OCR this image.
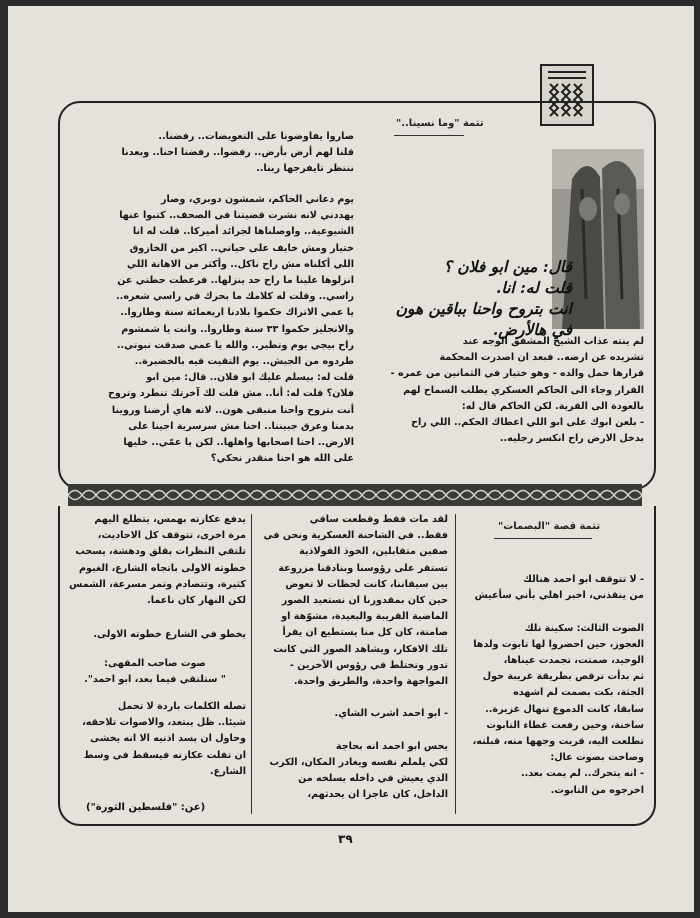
تتمة "وما نسينا.."
قال: مين ابو فلان ؟
قلت له: انا.
انت بتروح واحنا بباقين هون
في هالأرض.
لم ينته عذاب الشيخ المشفق الوجه عند
تشريده عن ارضه.. فبعد ان اصدرت المحكمة
قرارها حمل والده - وهو ختيار في الثمانين من عمره -
القرار وجاء الى الحاكم العسكري يطلب السماح لهم
بالعودة الى القرية. لكن الحاكم قال له:
- بلعن ابوك على ابو اللي اعطاك الحكم.. اللي راح
بدخل الارض راح انكسر رجليه..
صاروا يفاوضونا على التعويضات.. رفضنا..
قلنا لهم أرض بأرض.. رفضوا.. رفضنا احنا.. وبعدنا
ننتظر تايفرجها ربنا..
يوم دعاني الحاكم، شمشون دوبري، وصار
يهددني لانه نشرت قضيتنا في الصحف.. كتبوا عنها
الشيوعية.. واوصلناها لجرائد أميركا.. قلت له انا
ختيار ومش خايف على حياتي.. اكبر من الخازوق
اللي أكلناه مش راح ناكل.. وأكثر من الاهانة اللي
انزلوها علينا ما راح حد ينزلها.. فرعطت حطتي عن
راسي.. وقلت له كلامك ما بحرك في راسي شعره..
يا عمي الاتراك حكموا بلادنا اربعمائة سنة وطاروا..
والانجليز حكموا ٣٣ سنة وطاروا.. وانت يا شمشوم
راح بيجي يوم وتطير.. والله يا عمي صدقت نبوتي..
طردوه من الجيش.. يوم التقيت فيه بالخضيرة..
قلت له: بيسلم عليك ابو فلان.. قال: مين ابو
فلان؟ قلت له: أنا.. مش قلت لك آخرتك تنطرد وتروح
أنت بتروح واحنا منبقى هون.. لانه هاي أرضنا وروينا
بدمنا وعرق جبيننا.. احنا مش سرسرية اجينا على
الارض.. احنا اصحابها واهلها.. لكن يا عمّي.. خليها
على الله هو احنا منقدر نحكي؟
تتمة قصة "البصمات"
- لا تتوقف ابو احمد هنالك
من ينقذني، اخبر اهلي بأني سأعيش

الصوت الثالث: سكينة تلك
العجوز، حين احضروا لها تابوت ولدها
الوحيد، صمتت، تجمدت عيناها،
ثم بدأت ترقص بطريقة غريبة حول
الجثة، بكت بصمت لم اشهده
سابقا، كانت الدموع تنهال غزيرة..
ساخنة، وحين رفعت غطاء التابوت
تطلعت اليه، قربت وجهها منه، قبلته،
وصاحت بصوت عال:
- انه يتحرك.. لم يمت بعد..
اخرجوه من التابوت.
لقد مات فقط وقطعت ساقي
فقط.. في الشاحنة العسكرية ونحن في
صفين متقابلين، الخوذ الفولاذية
تستقر على رؤوسنا وبنادقنا مزروعة
بين سيقاننا، كانت لحظات لا تعوض
حين كان بمقدورنا ان نستعيد الصور
الماضية القريبة والبعيدة، مشوّهة او
صامتة، كان كل منا يستطيع ان يقرأ
تلك الافكار، ويشاهد الصور التي كانت
تدور وتختلط في رؤوس الآخرين -
المواجهة واحدة، والطريق واحدة.

- ابو احمد اشرب الشاي.

يحس ابو احمد انه بحاجة
لكي يلملم نفسه ويغادر المكان، الكرب
الذي يعيش في داخله يسلخه من
الداخل، كان عاجزا ان يحدثهم،
يدفع عكازته بهمس، يتطلع اليهم
مرة اخرى، تتوقف كل الاحاديث،
تلتقي النظرات بقلق ودهشة، يسحب
خطوته الاولى باتجاه الشارع، الغيوم
كثيرة، وتتصادم وتمر مسرعة، الشمس
لكن النهار كان ناعما.
يخطو في الشارع خطوته الاولى.
صوت صاحب المقهى:
" ستلتقي فيما بعد، ابو احمد".
تصله الكلمات باردة لا تحمل
شيئا.. ظل يبتعد، والاصوات تلاحقه،
وحاول ان يسد اذنيه الا انه يخشى
ان تفلت عكازته فيسقط في وسط
الشارع.
(عن: "فلسطين الثورة")
٣٩
